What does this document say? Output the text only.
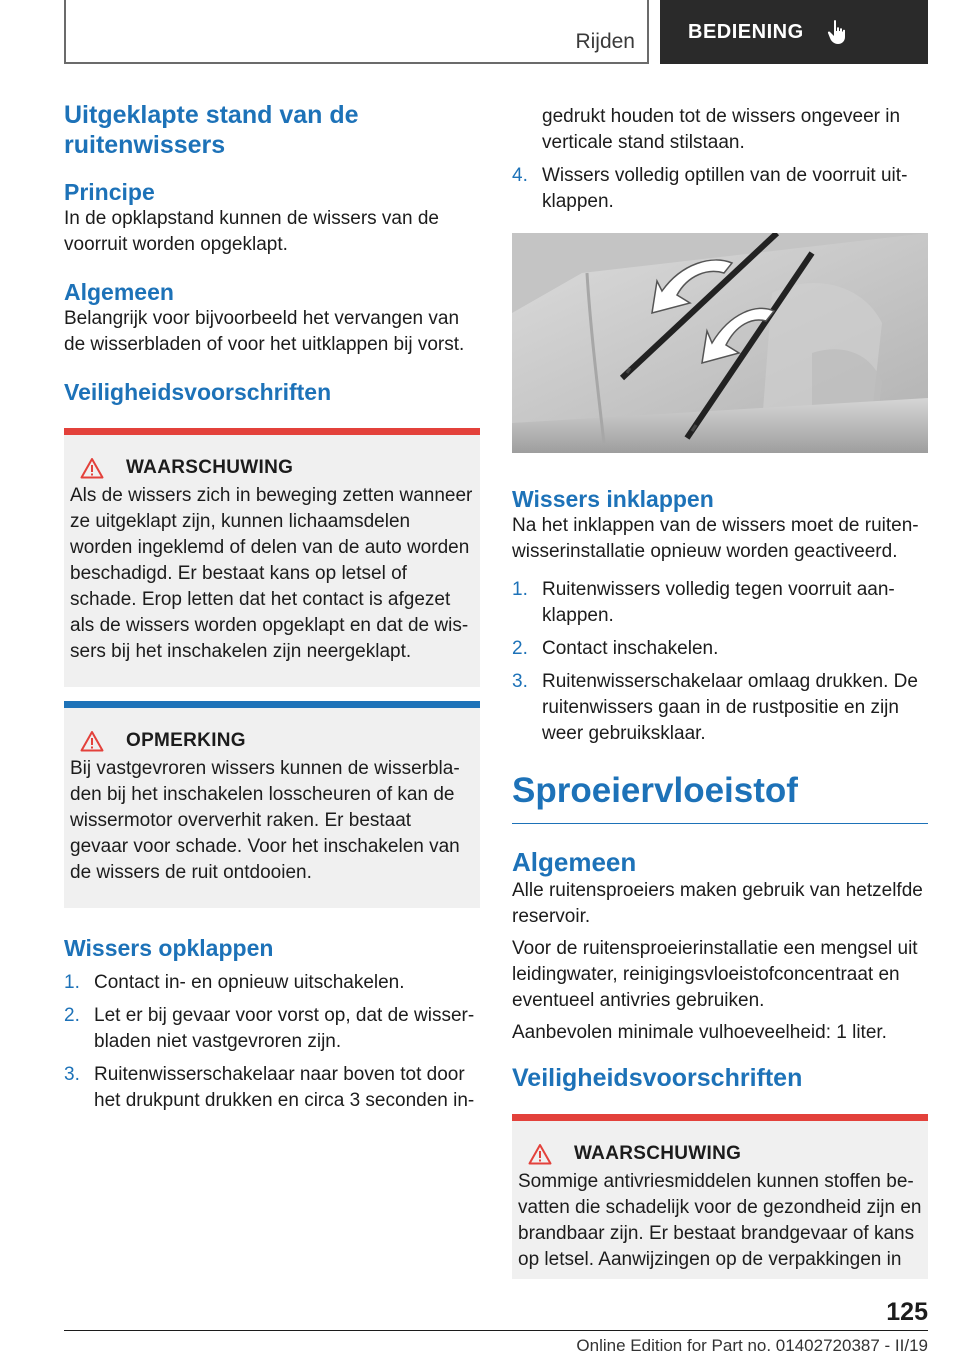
Rijden	BEDIENING
Uitgeklapte stand van de ruitenwissers
Principe

In de opklapstand kunnen de wissers van de voorruit worden opgeklapt.

Algemeen

Belangrijk voor bijvoorbeeld het vervangen van de wisserbladen of voor het uitklappen bij vorst.

Veiligheidsvoorschriften
WAARSCHUWING

Als de wissers zich in beweging zetten wanneer ze uitgeklapt zijn, kunnen lichaamsdelen worden ingeklemd of delen van de auto worden beschadigd. Er bestaat kans op letsel of schade. Erop letten dat het contact is afgezet als de wissers worden opgeklapt en dat de wissers bij het inschakelen zijn neergeklapt.

OPMERKING

Bij vastgevroren wissers kunnen de wisserbladen bij het inschakelen losscheuren of kan de wissermotor oververhit raken. Er bestaat gevaar voor schade. Voor het inschakelen van de wissers de ruit ontdooien.

Wissers opklappen
1. Contact in- en opnieuw uitschakelen.
2. Let er bij gevaar voor vorst op, dat de wisserbladen niet vastgevroren zijn.
3. Ruitenwisserschakelaar naar boven tot door het drukpunt drukken en circa 3 seconden in-
gedrukt houden tot de wissers ongeveer in verticale stand stilstaan.
4. Wissers volledig optillen van de voorruit uitklappen.
Wissers inklappen

Na het inklappen van de wissers moet de ruitenwisserinstallatie opnieuw worden geactiveerd.

1. Ruitenwissers volledig tegen voorruit aanklappen.
2. Contact inschakelen.
3. Ruitenwisserschakelaar omlaag drukken. De ruitenwissers gaan in de rustpositie en zijn weer gebruiksklaar.
Sproeiervloeistof
Algemeen

Alle ruitensproeiers maken gebruik van hetzelfde reservoir.

Voor de ruitensproeierinstallatie een mengsel uit leidingwater, reinigingsvloeistofconcentraat en eventueel antivries gebruiken.

Aanbevolen minimale vulhoeveelheid: 1 liter.

Veiligheidsvoorschriften
WAARSCHUWING

Sommige antivriesmiddelen kunnen stoffen bevatten die schadelijk voor de gezondheid zijn en brandbaar zijn. Er bestaat brandgevaar of kans op letsel. Aanwijzingen op de verpakkingen in

125
Online Edition for Part no. 01402720387 - II/19
